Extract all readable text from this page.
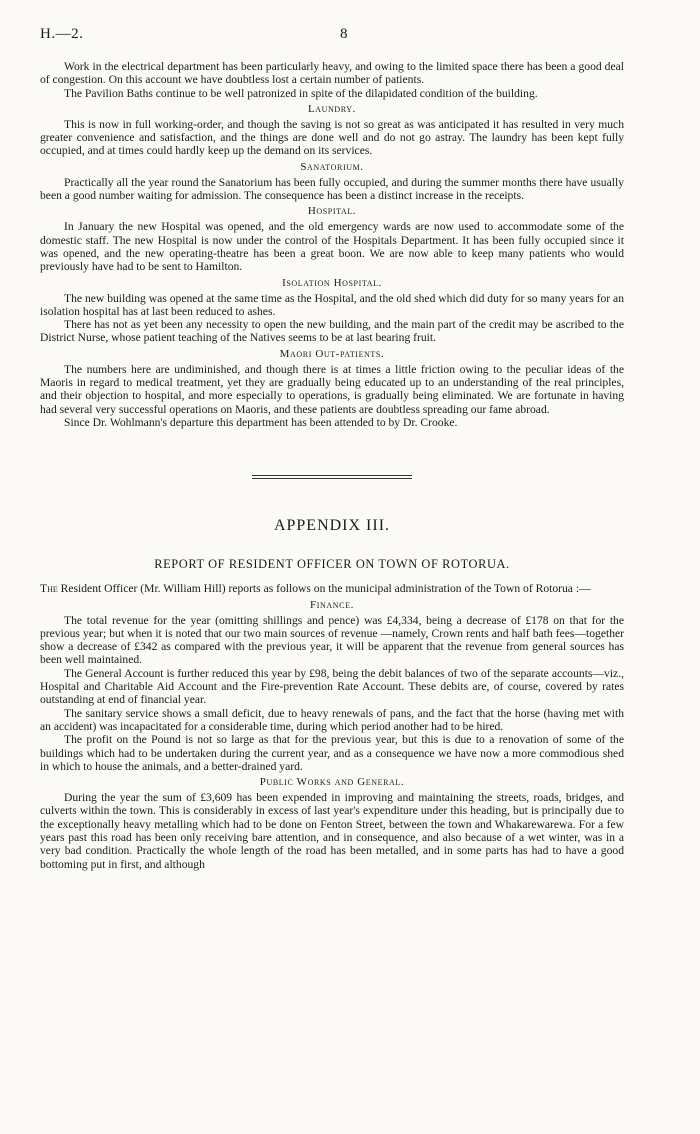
H.—2.	8

Work in the electrical department has been particularly heavy, and owing to the limited space there has been a good deal of congestion. On this account we have doubtless lost a certain number of patients.

The Pavilion Baths continue to be well patronized in spite of the dilapidated condition of the building.

Laundry.

This is now in full working-order, and though the saving is not so great as was anticipated it has resulted in very much greater convenience and satisfaction, and the things are done well and do not go astray. The laundry has been kept fully occupied, and at times could hardly keep up the demand on its services.

Sanatorium.

Practically all the year round the Sanatorium has been fully occupied, and during the summer months there have usually been a good number waiting for admission. The consequence has been a distinct increase in the receipts.

Hospital.

In January the new Hospital was opened, and the old emergency wards are now used to accommodate some of the domestic staff. The new Hospital is now under the control of the Hospitals Department. It has been fully occupied since it was opened, and the new operating-theatre has been a great boon. We are now able to keep many patients who would previously have had to be sent to Hamilton.

Isolation Hospital.

The new building was opened at the same time as the Hospital, and the old shed which did duty for so many years for an isolation hospital has at last been reduced to ashes.

There has not as yet been any necessity to open the new building, and the main part of the credit may be ascribed to the District Nurse, whose patient teaching of the Natives seems to be at last bearing fruit.

Maori Out-patients.

The numbers here are undiminished, and though there is at times a little friction owing to the peculiar ideas of the Maoris in regard to medical treatment, yet they are gradually being educated up to an understanding of the real principles, and their objection to hospital, and more especially to operations, is gradually being eliminated. We are fortunate in having had several very successful operations on Maoris, and these patients are doubtless spreading our fame abroad.

Since Dr. Wohlmann's departure this department has been attended to by Dr. Crooke.

APPENDIX III.
REPORT OF RESIDENT OFFICER ON TOWN OF ROTORUA.

The Resident Officer (Mr. William Hill) reports as follows on the municipal administration of the Town of Rotorua :—

Finance.

The total revenue for the year (omitting shillings and pence) was £4,334, being a decrease of £178 on that for the previous year; but when it is noted that our two main sources of revenue —namely, Crown rents and half bath fees—together show a decrease of £342 as compared with the previous year, it will be apparent that the revenue from general sources has been well maintained.

The General Account is further reduced this year by £98, being the debit balances of two of the separate accounts—viz., Hospital and Charitable Aid Account and the Fire-prevention Rate Account. These debits are, of course, covered by rates outstanding at end of financial year.

The sanitary service shows a small deficit, due to heavy renewals of pans, and the fact that the horse (having met with an accident) was incapacitated for a considerable time, during which period another had to be hired.

The profit on the Pound is not so large as that for the previous year, but this is due to a renovation of some of the buildings which had to be undertaken during the current year, and as a consequence we have now a more commodious shed in which to house the animals, and a better-drained yard.

Public Works and General.

During the year the sum of £3,609 has been expended in improving and maintaining the streets, roads, bridges, and culverts within the town. This is considerably in excess of last year's expenditure under this heading, but is principally due to the exceptionally heavy metalling which had to be done on Fenton Street, between the town and Whakarewarewa. For a few years past this road has been only receiving bare attention, and in consequence, and also because of a wet winter, was in a very bad condition. Practically the whole length of the road has been metalled, and in some parts has had to have a good bottoming put in first, and although
